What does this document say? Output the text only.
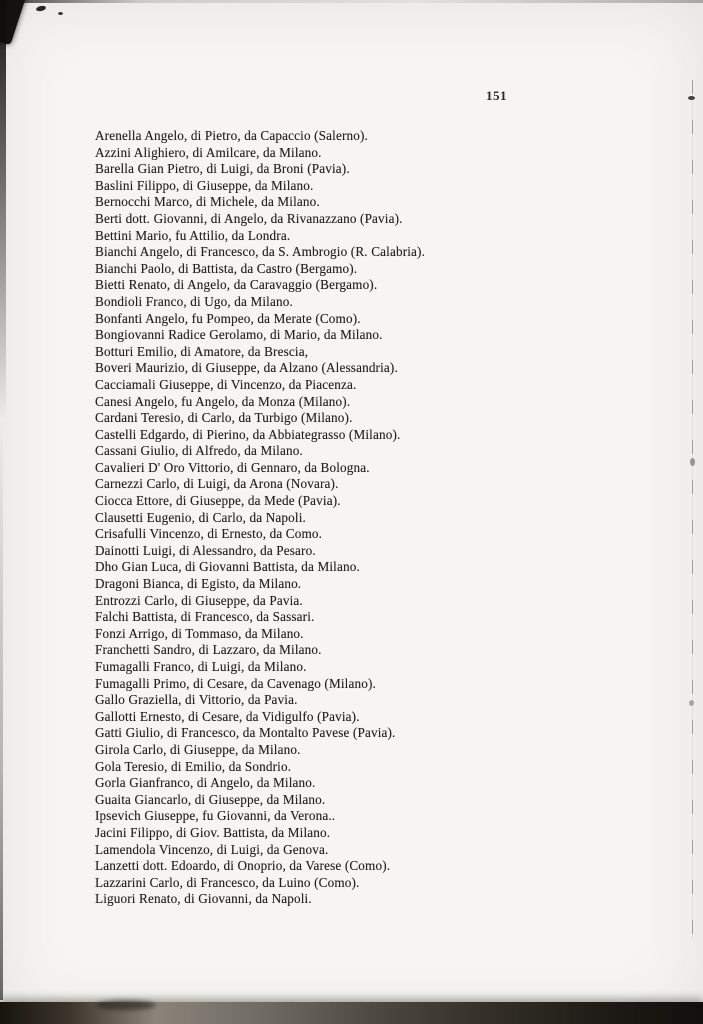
151
Arenella Angelo, di Pietro, da Capaccio (Salerno).
Azzini Alighiero, di Amilcare, da Milano.
Barella Gian Pietro, di Luigi, da Broni (Pavia).
Baslini Filippo, di Giuseppe, da Milano.
Bernocchi Marco, di Michele, da Milano.
Berti dott. Giovanni, di Angelo, da Rivanazzano (Pavia).
Bettini Mario, fu Attilio, da Londra.
Bianchi Angelo, di Francesco, da S. Ambrogio (R. Calabria).
Bianchi Paolo, di Battista, da Castro (Bergamo).
Bietti Renato, di Angelo, da Caravaggio (Bergamo).
Bondioli Franco, di Ugo, da Milano.
Bonfanti Angelo, fu Pompeo, da Merate (Como).
Bongiovanni Radice Gerolamo, di Mario, da Milano.
Botturi Emilio, di Amatore, da Brescia,
Boveri Maurizio, di Giuseppe, da Alzano (Alessandria).
Cacciamali Giuseppe, di Vincenzo, da Piacenza.
Canesi Angelo, fu Angelo, da Monza (Milano).
Cardani Teresio, di Carlo, da Turbigo (Milano).
Castelli Edgardo, di Pierino, da Abbiategrasso (Milano).
Cassani Giulio, di Alfredo, da Milano.
Cavalieri D' Oro Vittorio, di Gennaro, da Bologna.
Carnezzi Carlo, di Luigi, da Arona (Novara).
Ciocca Ettore, di Giuseppe, da Mede (Pavia).
Clausetti Eugenio, di Carlo, da Napoli.
Crisafulli Vincenzo, di Ernesto, da Como.
Dainotti Luigi, di Alessandro, da Pesaro.
Dho Gian Luca, di Giovanni Battista, da Milano.
Dragoni Bianca, di Egisto, da Milano.
Entrozzi Carlo, di Giuseppe, da Pavia.
Falchi Battista, di Francesco, da Sassari.
Fonzi Arrigo, di Tommaso, da Milano.
Franchetti Sandro, di Lazzaro, da Milano.
Fumagalli Franco, di Luigi, da Milano.
Fumagalli Primo, di Cesare, da Cavenago (Milano).
Gallo Graziella, di Vittorio, da Pavia.
Gallotti Ernesto, di Cesare, da Vidigulfo (Pavia).
Gatti Giulio, di Francesco, da Montalto Pavese (Pavia).
Girola Carlo, di Giuseppe, da Milano.
Gola Teresio, di Emilio, da Sondrio.
Gorla Gianfranco, di Angelo, da Milano.
Guaita Giancarlo, di Giuseppe, da Milano.
Ipsevich Giuseppe, fu Giovanni, da Verona..
Jacini Filippo, di Giov. Battista, da Milano.
Lamendola Vincenzo, di Luigi, da Genova.
Lanzetti dott. Edoardo, di Onoprio, da Varese (Como).
Lazzarini Carlo, di Francesco, da Luino (Como).
Liguori Renato, di Giovanni, da Napoli.
